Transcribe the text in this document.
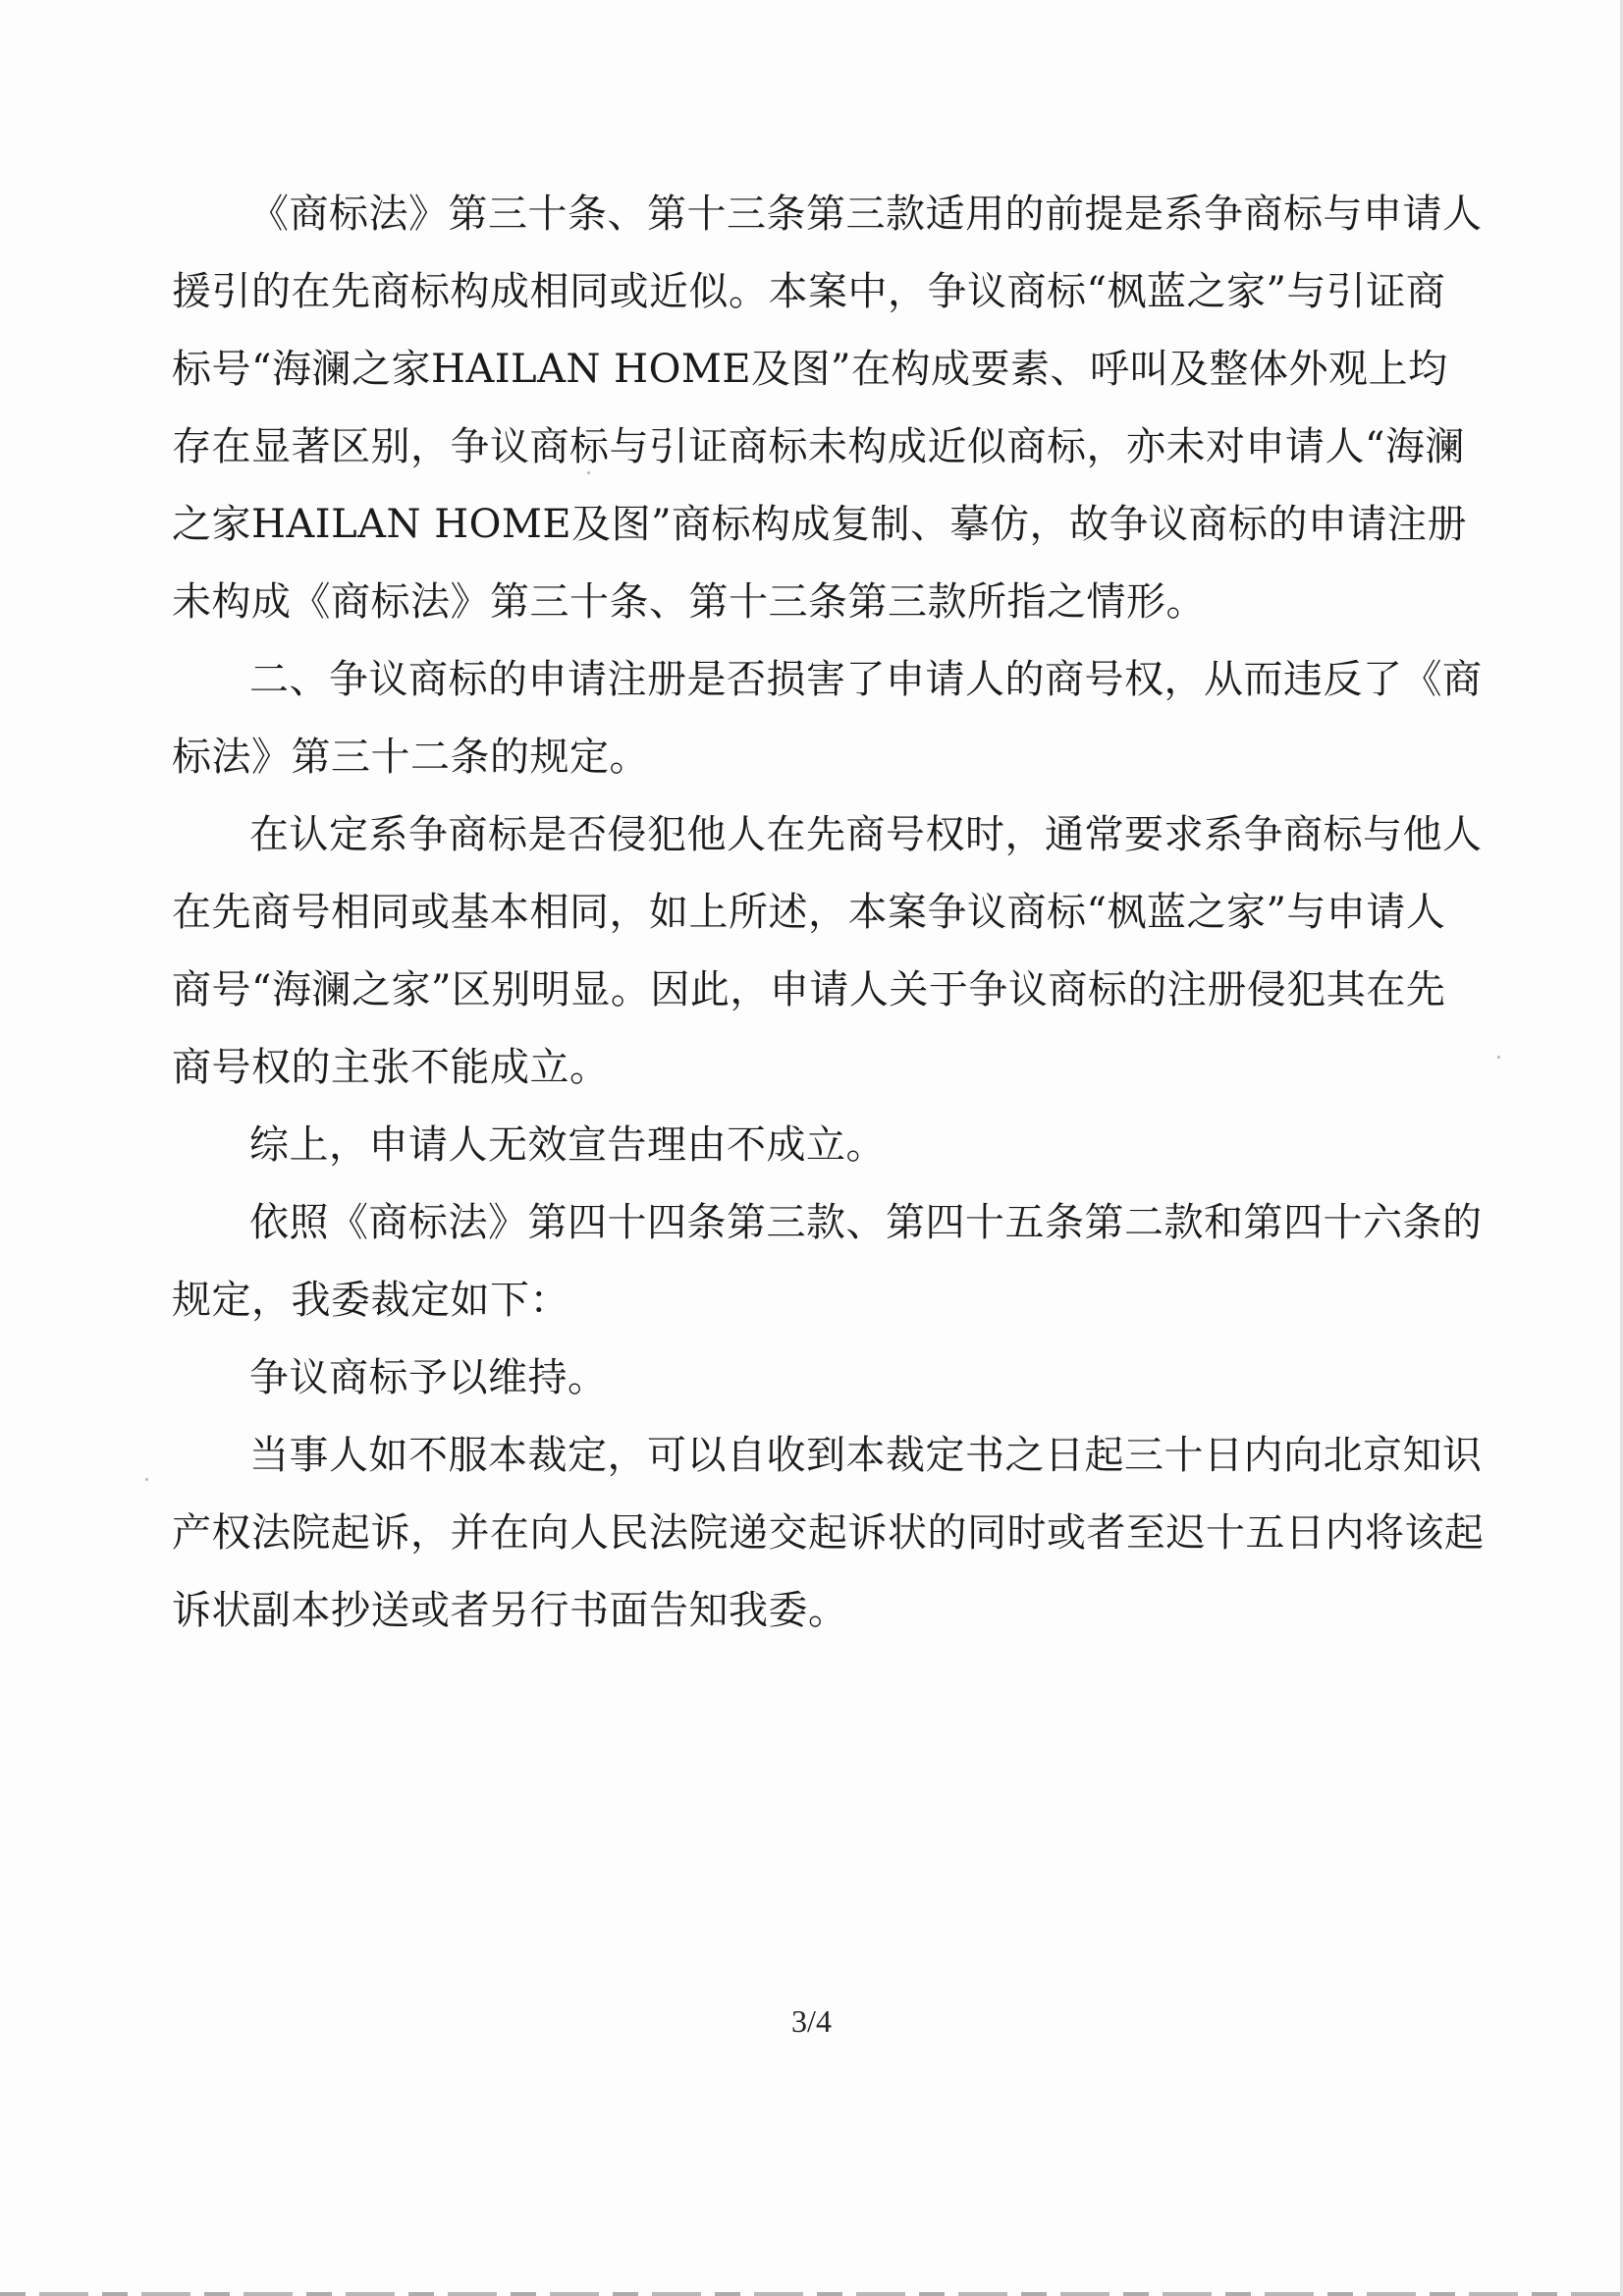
《商标法》第三十条、第十三条第三款适用的前提是系争商标与申请人
援引的在先商标构成相同或近似。本案中，争议商标“枫蓝之家”与引证商
标号“海澜之家HAILAN HOME及图”在构成要素、呼叫及整体外观上均
存在显著区别，争议商标与引证商标未构成近似商标，亦未对申请人“海澜
之家HAILAN HOME及图”商标构成复制、摹仿，故争议商标的申请注册
未构成《商标法》第三十条、第十三条第三款所指之情形。
二、争议商标的申请注册是否损害了申请人的商号权，从而违反了《商
标法》第三十二条的规定。
在认定系争商标是否侵犯他人在先商号权时，通常要求系争商标与他人
在先商号相同或基本相同，如上所述，本案争议商标“枫蓝之家”与申请人
商号“海澜之家”区别明显。因此，申请人关于争议商标的注册侵犯其在先
商号权的主张不能成立。
综上，申请人无效宣告理由不成立。
依照《商标法》第四十四条第三款、第四十五条第二款和第四十六条的
规定，我委裁定如下：
争议商标予以维持。
当事人如不服本裁定，可以自收到本裁定书之日起三十日内向北京知识
产权法院起诉，并在向人民法院递交起诉状的同时或者至迟十五日内将该起
诉状副本抄送或者另行书面告知我委。
3/4
